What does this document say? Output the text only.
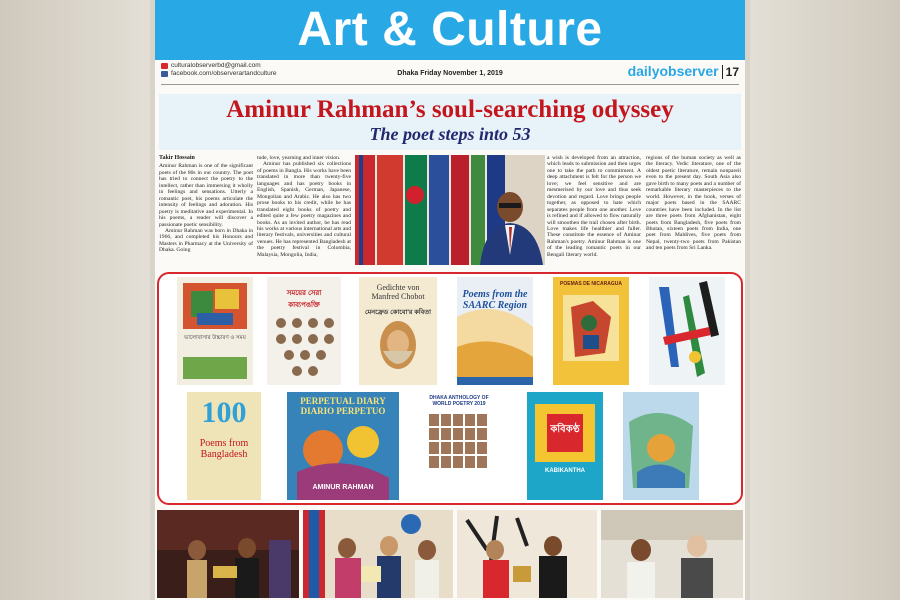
Art & Culture
culturalobserverbd@gmail.com
facebook.com/observerartandculture	Dhaka Friday November 1, 2019	dailyobserver 17
Aminur Rahman’s soul-searching odyssey
The poet steps into 53
Takir Hossain

Aminur Rahman is one of the significant poets of the 80s in our country. The poet has tried to connect the poetry to the intellect, rather than immersing it wholly in feelings and sensations. Utterly a romantic poet, his poems articulate the intensity of feelings and adoration. His poetry is meditative and experimental. In his poems, a reader will discover a passionate poetic sensibility.

Aminur Rahman was born in Dhaka in 1966, and completed his Honours and Masters in Pharmacy at the University of Dhaka. Going

tude, love, yearning and inner vision.

Aminur has published six collections of poems in Bangla. His works have been translated in more than twenty-five languages and has poetry books in English, Spanish, German, Japanese, Mongolian and Arabic. He also has two prose books to his credit, while he has translated eight books of poetry and edited quite a few poetry magazines and books. As an invited author, he has read his works at various international arts and literary festivals, universities and cultural venues. He has represented Bangladesh at the poetry festival in Colombia, Malaysia, Mongolia, India,

a wish is developed from an attraction, which leads to submission and then urges one to take the path to commitment. A deep attachment is felt for the person we love; we feel sensitive and are mesmerised by our love and thus seek devotion and regard. Love brings people together, as opposed to hate which separates people from one another. Love is refined and if allowed to flow naturally will smoothen the trail chosen after birth. Love makes life healthier and fuller. These constitute the essence of Aminur Rahman's poetry. Aminur Rahman is one of the leading romantic poets in our Bengali literary world.

regions of the human society as well as the literacy. Vedic literature, one of the oldest poetic literature, remain nonpareil even to the present day. South Asia also gave birth to many poets and a number of remarkable literary masterpieces to the world. However, in the book, verses of major poets based in the SAARC countries have been included. In the list are three poets from Afghanistan, eight poets from Bangladesh, five poets from Bhutan, sixteen poets from India, one poet from Maldives, five poets from Nepal, twenty-two poets from Pakistan and ten poets from Sri Lanka.

ভালোবাসার উচ্চারণ ও সময়
সময়ের সেরা কাব্যপঙক্তি
Gedichte von Manfred Chobot
মেনফ্রেড কোবো'র কবিতা
Poems from the SAARC Region
POEMAS DE NICARAGUA
100
Poems from Bangladesh
PERPETUAL DIARY DIARIO PERPETUO
AMINUR RAHMAN
DHAKA ANTHOLOGY OF WORLD POETRY 2019
কবিকণ্ঠ
KABIKANTHA
